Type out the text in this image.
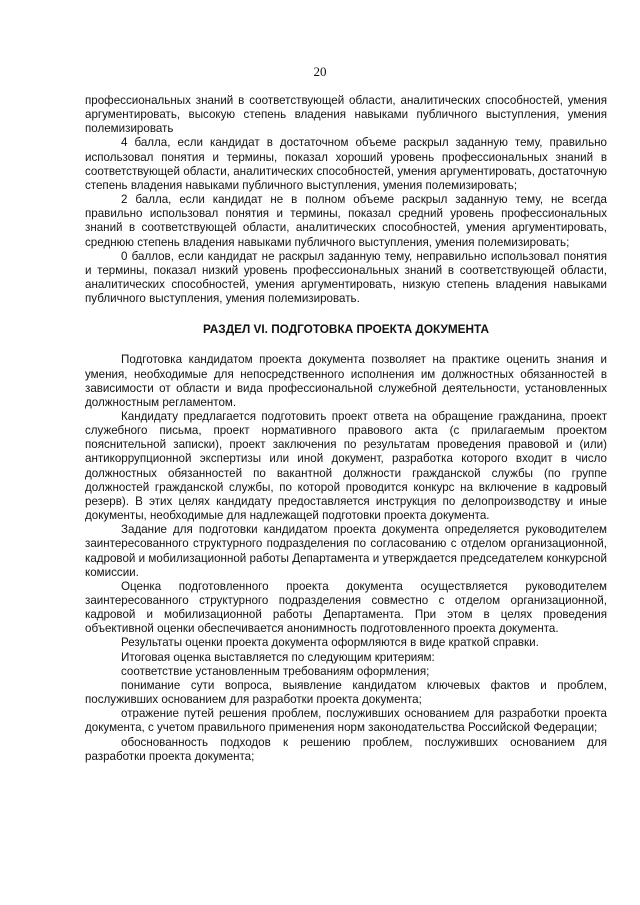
20

профессиональных знаний в соответствующей области, аналитических способностей, умения аргументировать, высокую степень владения навыками публичного выступления, умения полемизировать

4 балла, если кандидат в достаточном объеме раскрыл заданную тему, правильно использовал понятия и термины, показал хороший уровень профессиональных знаний в соответствующей области, аналитических способностей, умения аргументировать, достаточную степень владения навыками публичного выступления, умения полемизировать;

2 балла, если кандидат не в полном объеме раскрыл заданную тему, не всегда правильно использовал понятия и термины, показал средний уровень профессиональных знаний в соответствующей области, аналитических способностей, умения аргументировать, среднюю степень владения навыками публичного выступления, умения полемизировать;

0 баллов, если кандидат не раскрыл заданную тему, неправильно использовал понятия и термины, показал низкий уровень профессиональных знаний в соответствующей области, аналитических способностей, умения аргументировать, низкую степень владения навыками публичного выступления, умения полемизировать.

РАЗДЕЛ VI. ПОДГОТОВКА ПРОЕКТА ДОКУМЕНТА

Подготовка кандидатом проекта документа позволяет на практике оценить знания и умения, необходимые для непосредственного исполнения им должностных обязанностей в зависимости от области и вида профессиональной служебной деятельности, установленных должностным регламентом.

Кандидату предлагается подготовить проект ответа на обращение гражданина, проект служебного письма, проект нормативного правового акта (с прилагаемым проектом пояснительной записки), проект заключения по результатам проведения правовой и (или) антикоррупционной экспертизы или иной документ, разработка которого входит в число должностных обязанностей по вакантной должности гражданской службы (по группе должностей гражданской службы, по которой проводится конкурс на включение в кадровый резерв). В этих целях кандидату предоставляется инструкция по делопроизводству и иные документы, необходимые для надлежащей подготовки проекта документа.

Задание для подготовки кандидатом проекта документа определяется руководителем заинтересованного структурного подразделения по согласованию с отделом организационной, кадровой и мобилизационной работы Департамента и утверждается председателем конкурсной комиссии.

Оценка подготовленного проекта документа осуществляется руководителем заинтересованного структурного подразделения совместно с отделом организационной, кадровой и мобилизационной работы Департамента. При этом в целях проведения объективной оценки обеспечивается анонимность подготовленного проекта документа.

Результаты оценки проекта документа оформляются в виде краткой справки.

Итоговая оценка выставляется по следующим критериям:

соответствие установленным требованиям оформления;

понимание сути вопроса, выявление кандидатом ключевых фактов и проблем, послуживших основанием для разработки проекта документа;

отражение путей решения проблем, послуживших основанием для разработки проекта документа, с учетом правильного применения норм законодательства Российской Федерации;

обоснованность подходов к решению проблем, послуживших основанием для разработки проекта документа;
